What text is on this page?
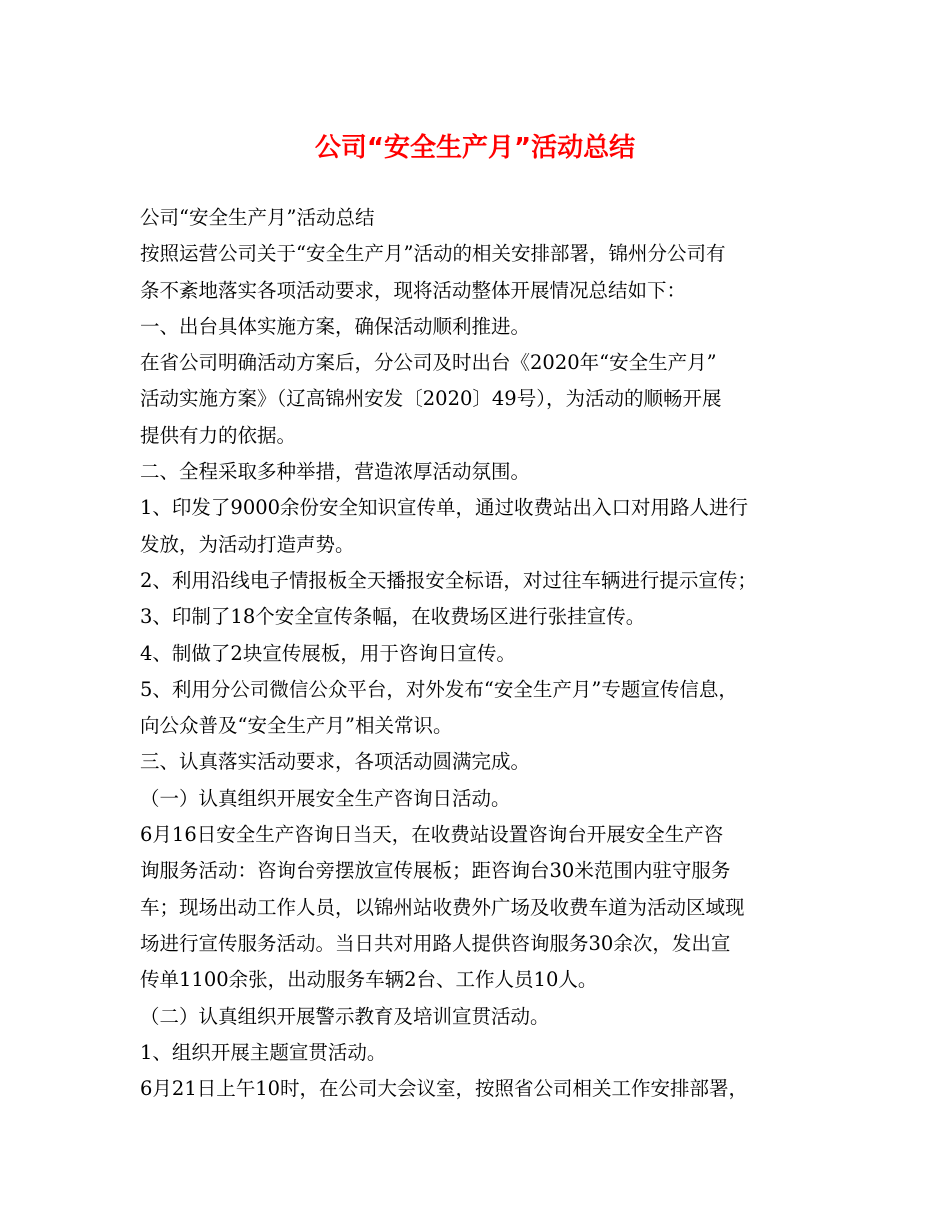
公司“安全生产月”活动总结
公司“安全生产月”活动总结
按照运营公司关于“安全生产月”活动的相关安排部署，锦州分公司有
条不紊地落实各项活动要求，现将活动整体开展情况总结如下：
一、出台具体实施方案，确保活动顺利推进。
在省公司明确活动方案后，分公司及时出台《2020年“安全生产月”
活动实施方案》（辽高锦州安发〔2020〕49号），为活动的顺畅开展
提供有力的依据。
二、全程采取多种举措，营造浓厚活动氛围。
1、印发了9000余份安全知识宣传单，通过收费站出入口对用路人进行
发放，为活动打造声势。
2、利用沿线电子情报板全天播报安全标语，对过往车辆进行提示宣传；
3、印制了18个安全宣传条幅，在收费场区进行张挂宣传。
4、制做了2块宣传展板，用于咨询日宣传。
5、利用分公司微信公众平台，对外发布“安全生产月”专题宣传信息，
向公众普及“安全生产月”相关常识。
三、认真落实活动要求，各项活动圆满完成。
（一）认真组织开展安全生产咨询日活动。
6月16日安全生产咨询日当天，在收费站设置咨询台开展安全生产咨
询服务活动：咨询台旁摆放宣传展板；距咨询台30米范围内驻守服务
车；现场出动工作人员，以锦州站收费外广场及收费车道为活动区域现
场进行宣传服务活动。当日共对用路人提供咨询服务30余次，发出宣
传单1100余张，出动服务车辆2台、工作人员10人。
（二）认真组织开展警示教育及培训宣贯活动。
1、组织开展主题宣贯活动。
6月21日上午10时，在公司大会议室，按照省公司相关工作安排部署，
